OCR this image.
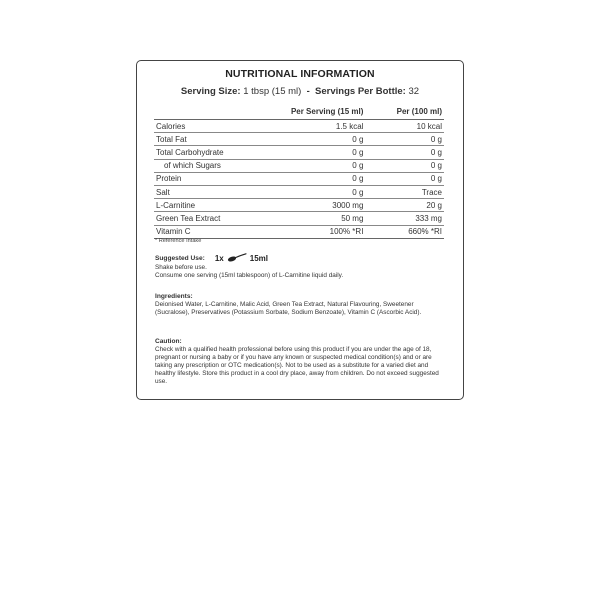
NUTRITIONAL INFORMATION
Serving Size: 1 tbsp (15 ml) - Servings Per Bottle: 32
	Per Serving (15 ml)	Per (100 ml)
Calories	1.5 kcal	10 kcal
Total Fat	0 g	0 g
Total Carbohydrate	0 g	0 g
of which Sugars	0 g	0 g
Protein	0 g	0 g
Salt	0 g	Trace
L-Carnitine	3000 mg	20 g
Green Tea Extract	50 mg	333 mg
Vitamin C	100% *RI	660% *RI
* Reference Intake
Suggested Use: 1x	15ml
Shake before use.
Consume one serving (15ml tablespoon) of L-Carnitine liquid daily.
Ingredients:
Deionised Water, L-Carnitine, Malic Acid, Green Tea Extract, Natural Flavouring, Sweetener (Sucralose), Preservatives (Potassium Sorbate, Sodium Benzoate), Vitamin C (Ascorbic Acid).
Caution:
Check with a qualified health professional before using this product if you are under the age of 18, pregnant or nursing a baby or if you have any known or suspected medical condition(s) and or are taking any prescription or OTC medication(s). Not to be used as a substitute for a varied diet and healthy lifestyle. Store this product in a cool dry place, away from children. Do not exceed suggested use.
